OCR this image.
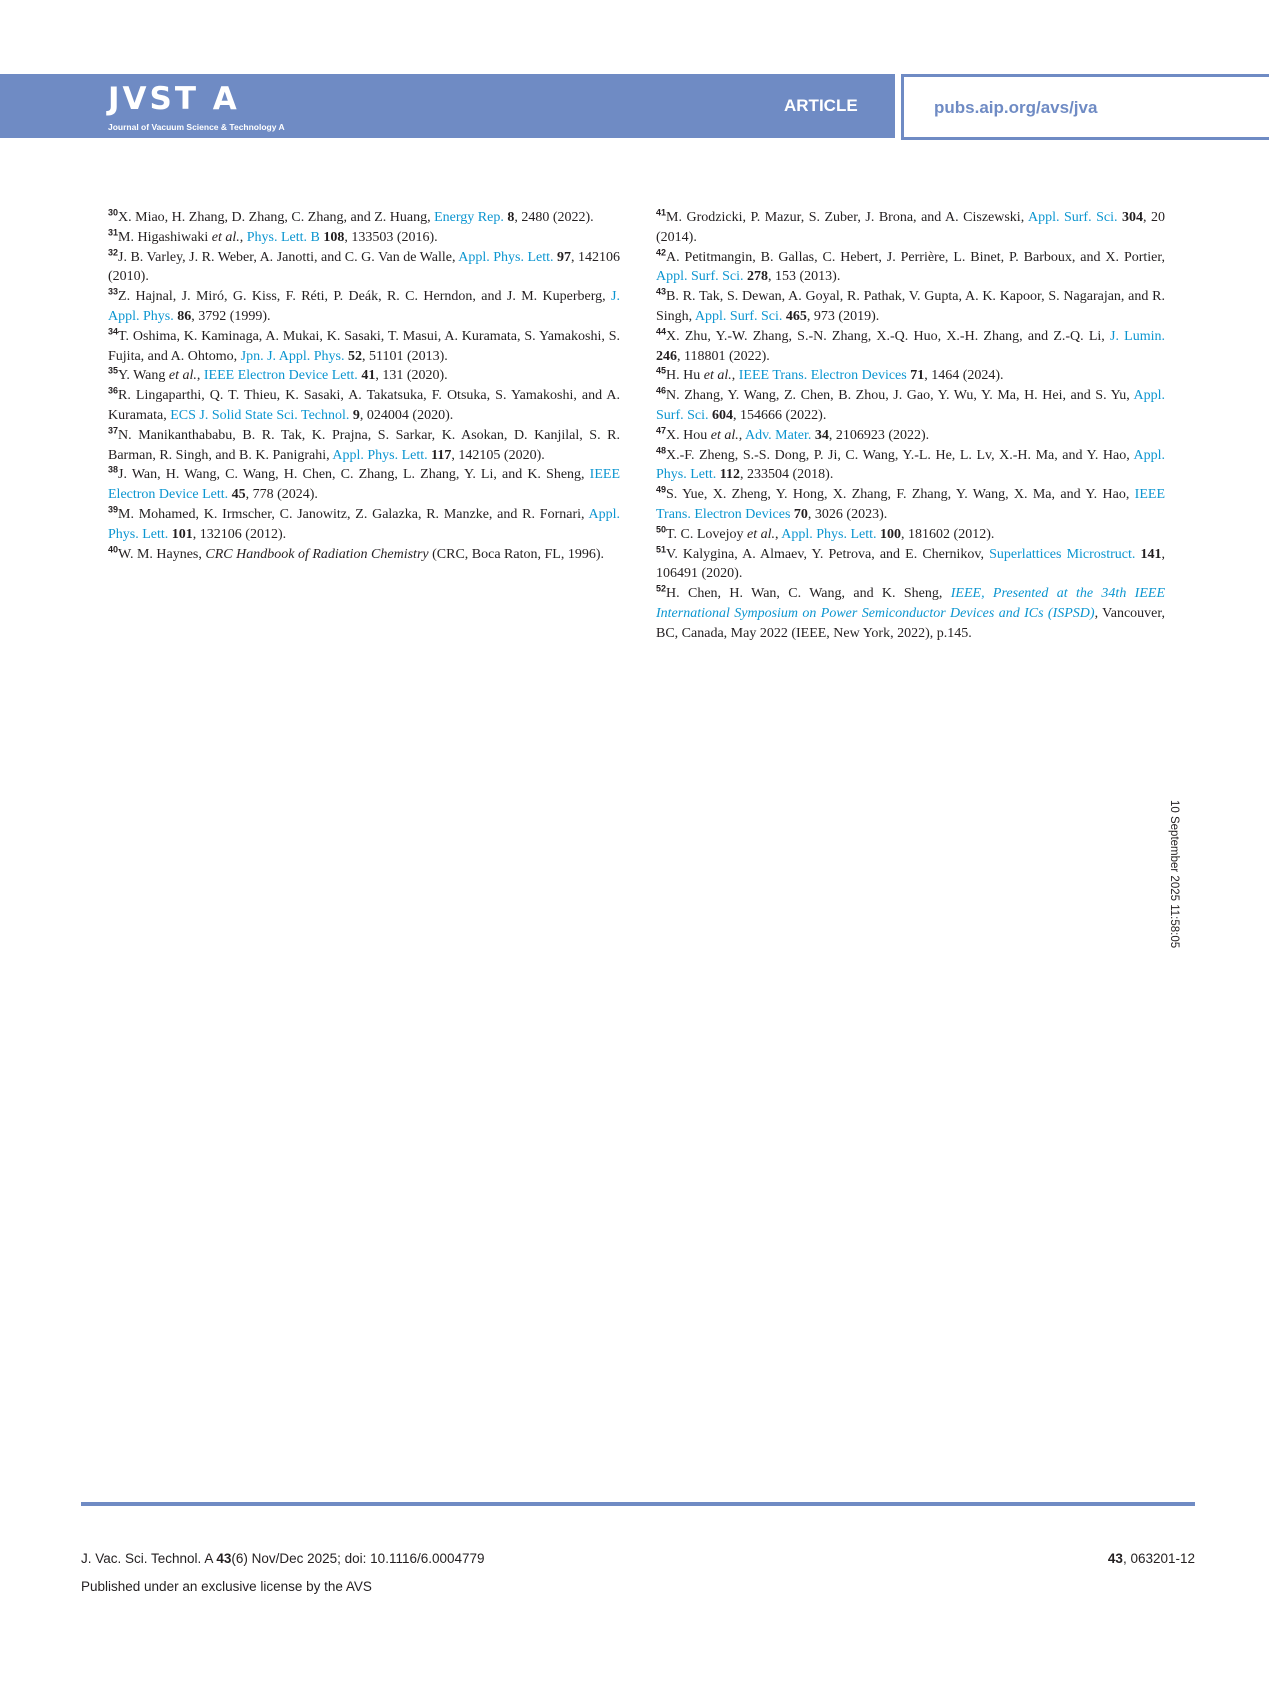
JVST A
Journal of Vacuum Science & Technology A
ARTICLE	pubs.aip.org/avs/jva

$^{30}$X. Miao, H. Zhang, D. Zhang, C. Zhang, and Z. Huang, Energy Rep. 8, 2480 (2022).

$^{31}$M. Higashiwaki et al., Phys. Lett. B 108, 133503 (2016).

$^{32}$J. B. Varley, J. R. Weber, A. Janotti, and C. G. Van de Walle, Appl. Phys. Lett. 97, 142106 (2010).

$^{33}$Z. Hajnal, J. Miró, G. Kiss, F. Réti, P. Deák, R. C. Herndon, and J. M. Kuperberg, J. Appl. Phys. 86, 3792 (1999).

$^{34}$T. Oshima, K. Kaminaga, A. Mukai, K. Sasaki, T. Masui, A. Kuramata, S. Yamakoshi, S. Fujita, and A. Ohtomo, Jpn. J. Appl. Phys. 52, 51101 (2013).

$^{35}$Y. Wang et al., IEEE Electron Device Lett. 41, 131 (2020).

$^{36}$R. Lingaparthi, Q. T. Thieu, K. Sasaki, A. Takatsuka, F. Otsuka, S. Yamakoshi, and A. Kuramata, ECS J. Solid State Sci. Technol. 9, 024004 (2020).

$^{37}$N. Manikanthababu, B. R. Tak, K. Prajna, S. Sarkar, K. Asokan, D. Kanjilal, S. R. Barman, R. Singh, and B. K. Panigrahi, Appl. Phys. Lett. 117, 142105 (2020).

$^{38}$J. Wan, H. Wang, C. Wang, H. Chen, C. Zhang, L. Zhang, Y. Li, and K. Sheng, IEEE Electron Device Lett. 45, 778 (2024).

$^{39}$M. Mohamed, K. Irmscher, C. Janowitz, Z. Galazka, R. Manzke, and R. Fornari, Appl. Phys. Lett. 101, 132106 (2012).

$^{40}$W. M. Haynes, CRC Handbook of Radiation Chemistry (CRC, Boca Raton, FL, 1996).

$^{41}$M. Grodzicki, P. Mazur, S. Zuber, J. Brona, and A. Ciszewski, Appl. Surf. Sci. 304, 20 (2014).

$^{42}$A. Petitmangin, B. Gallas, C. Hebert, J. Perrière, L. Binet, P. Barboux, and X. Portier, Appl. Surf. Sci. 278, 153 (2013).

$^{43}$B. R. Tak, S. Dewan, A. Goyal, R. Pathak, V. Gupta, A. K. Kapoor, S. Nagarajan, and R. Singh, Appl. Surf. Sci. 465, 973 (2019).

$^{44}$X. Zhu, Y.-W. Zhang, S.-N. Zhang, X.-Q. Huo, X.-H. Zhang, and Z.-Q. Li, J. Lumin. 246, 118801 (2022).

$^{45}$H. Hu et al., IEEE Trans. Electron Devices 71, 1464 (2024).

$^{46}$N. Zhang, Y. Wang, Z. Chen, B. Zhou, J. Gao, Y. Wu, Y. Ma, H. Hei, and S. Yu, Appl. Surf. Sci. 604, 154666 (2022).

$^{47}$X. Hou et al., Adv. Mater. 34, 2106923 (2022).

$^{48}$X.-F. Zheng, S.-S. Dong, P. Ji, C. Wang, Y.-L. He, L. Lv, X.-H. Ma, and Y. Hao, Appl. Phys. Lett. 112, 233504 (2018).

$^{49}$S. Yue, X. Zheng, Y. Hong, X. Zhang, F. Zhang, Y. Wang, X. Ma, and Y. Hao, IEEE Trans. Electron Devices 70, 3026 (2023).

$^{50}$T. C. Lovejoy et al., Appl. Phys. Lett. 100, 181602 (2012).

$^{51}$V. Kalygina, A. Almaev, Y. Petrova, and E. Chernikov, Superlattices Microstruct. 141, 106491 (2020).

$^{52}$H. Chen, H. Wan, C. Wang, and K. Sheng, IEEE, Presented at the 34th IEEE International Symposium on Power Semiconductor Devices and ICs (ISPSD), Vancouver, BC, Canada, May 2022 (IEEE, New York, 2022), p.145.

10 September 2025 11:58:05
J. Vac. Sci. Technol. A 43(6) Nov/Dec 2025; doi: 10.1116/6.0004779
Published under an exclusive license by the AVS
43, 063201-12
